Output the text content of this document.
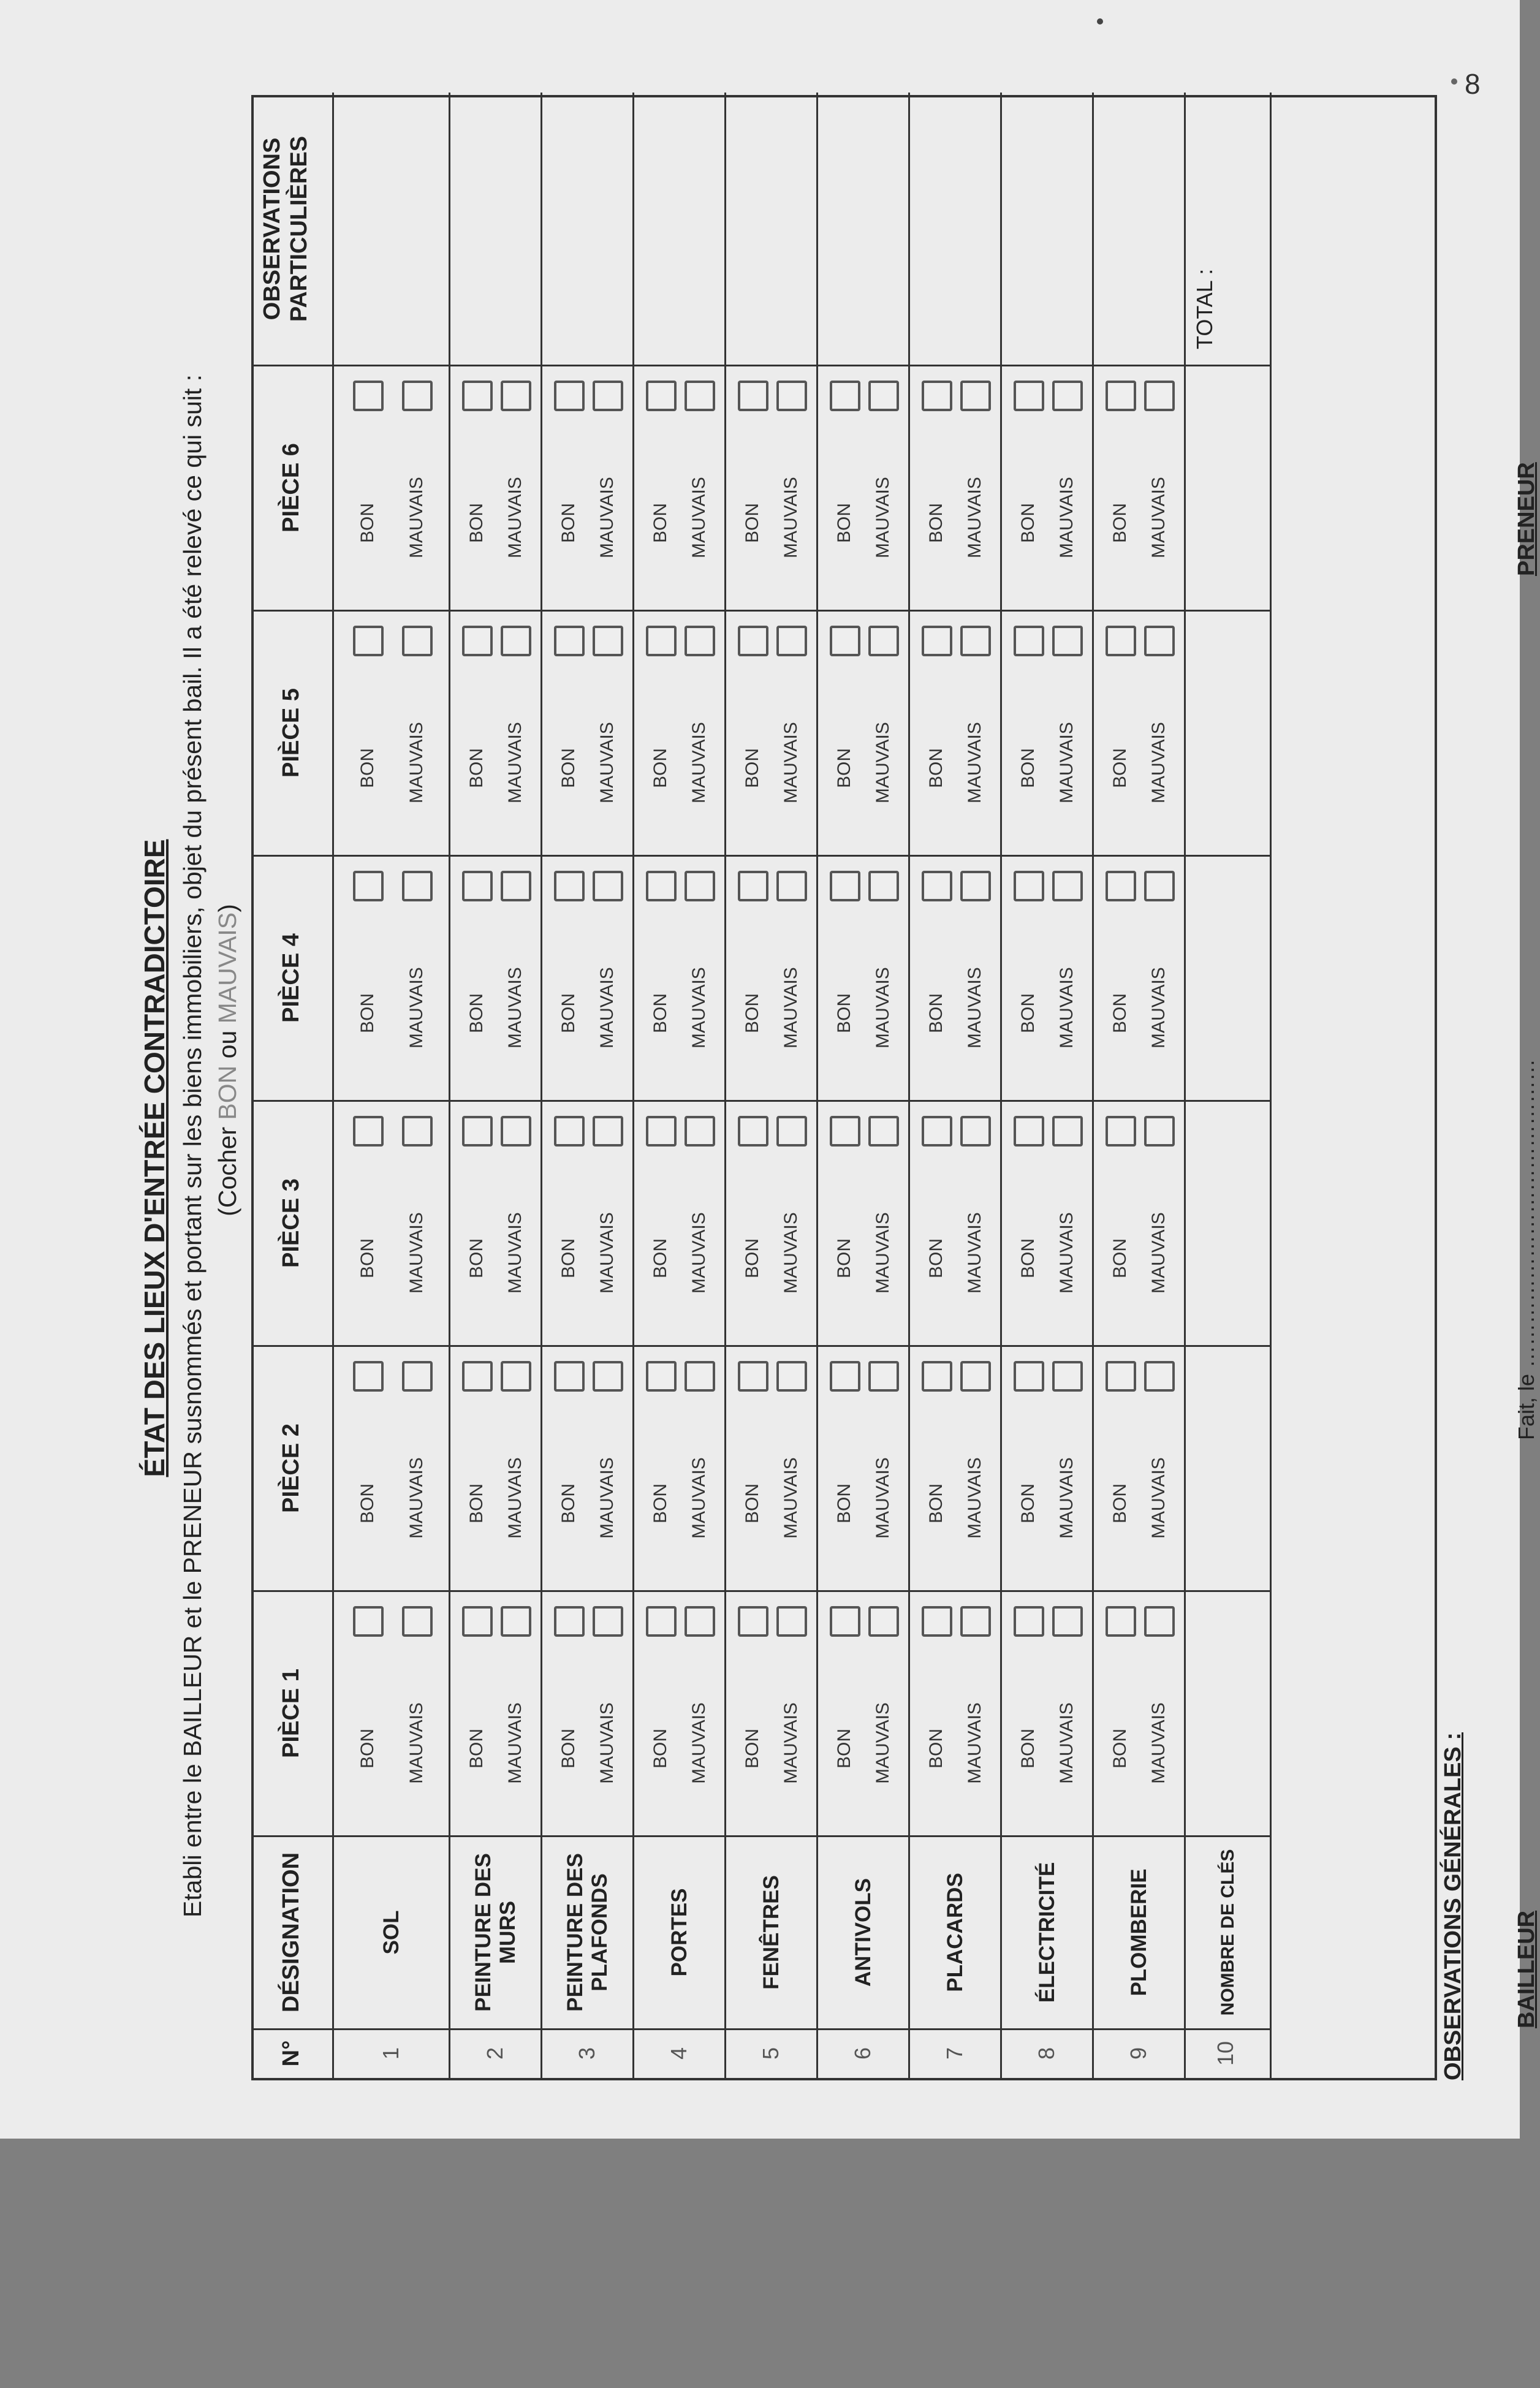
8
ÉTAT DES LIEUX D'ENTRÉE CONTRADICTOIRE Etabli entre le BAILLEUR et le PRENEUR susnommés et portant sur les biens immobiliers, objet du présent bail. Il a été relevé ce qui suit : (Cocher BON ou MAUVAIS)
N°
DÉSIGNATION
PIÈCE 1
PIÈCE 2
PIÈCE 3
PIÈCE 4
PIÈCE 5
PIÈCE 6
OBSERVATIONS PARTICULIÈRES
1
SOL
BON MAUVAIS
BON MAUVAIS
BON MAUVAIS
BON MAUVAIS
BON MAUVAIS
BON MAUVAIS
2
PEINTURE DES MURS
BON MAUVAIS
BON MAUVAIS
BON MAUVAIS
BON MAUVAIS
BON MAUVAIS
BON MAUVAIS
3
PEINTURE DES PLAFONDS
BON MAUVAIS
BON MAUVAIS
BON MAUVAIS
BON MAUVAIS
BON MAUVAIS
BON MAUVAIS
4
PORTES
BON MAUVAIS
BON MAUVAIS
BON MAUVAIS
BON MAUVAIS
BON MAUVAIS
BON MAUVAIS
5
FENÊTRES
BON MAUVAIS
BON MAUVAIS
BON MAUVAIS
BON MAUVAIS
BON MAUVAIS
BON MAUVAIS
6
ANTIVOLS
BON MAUVAIS
BON MAUVAIS
BON MAUVAIS
BON MAUVAIS
BON MAUVAIS
BON MAUVAIS
7
PLACARDS
BON MAUVAIS
BON MAUVAIS
BON MAUVAIS
BON MAUVAIS
BON MAUVAIS
BON MAUVAIS
8
ÉLECTRICITÉ
BON MAUVAIS
BON MAUVAIS
BON MAUVAIS
BON MAUVAIS
BON MAUVAIS
BON MAUVAIS
9
PLOMBERIE
BON MAUVAIS
BON MAUVAIS
BON MAUVAIS
BON MAUVAIS
BON MAUVAIS
BON MAUVAIS
10
NOMBRE DE CLÉS
TOTAL :
OBSERVATIONS GÉNÉRALES : BAILLEUR
Fait, le ……………………………………
PRENEUR
